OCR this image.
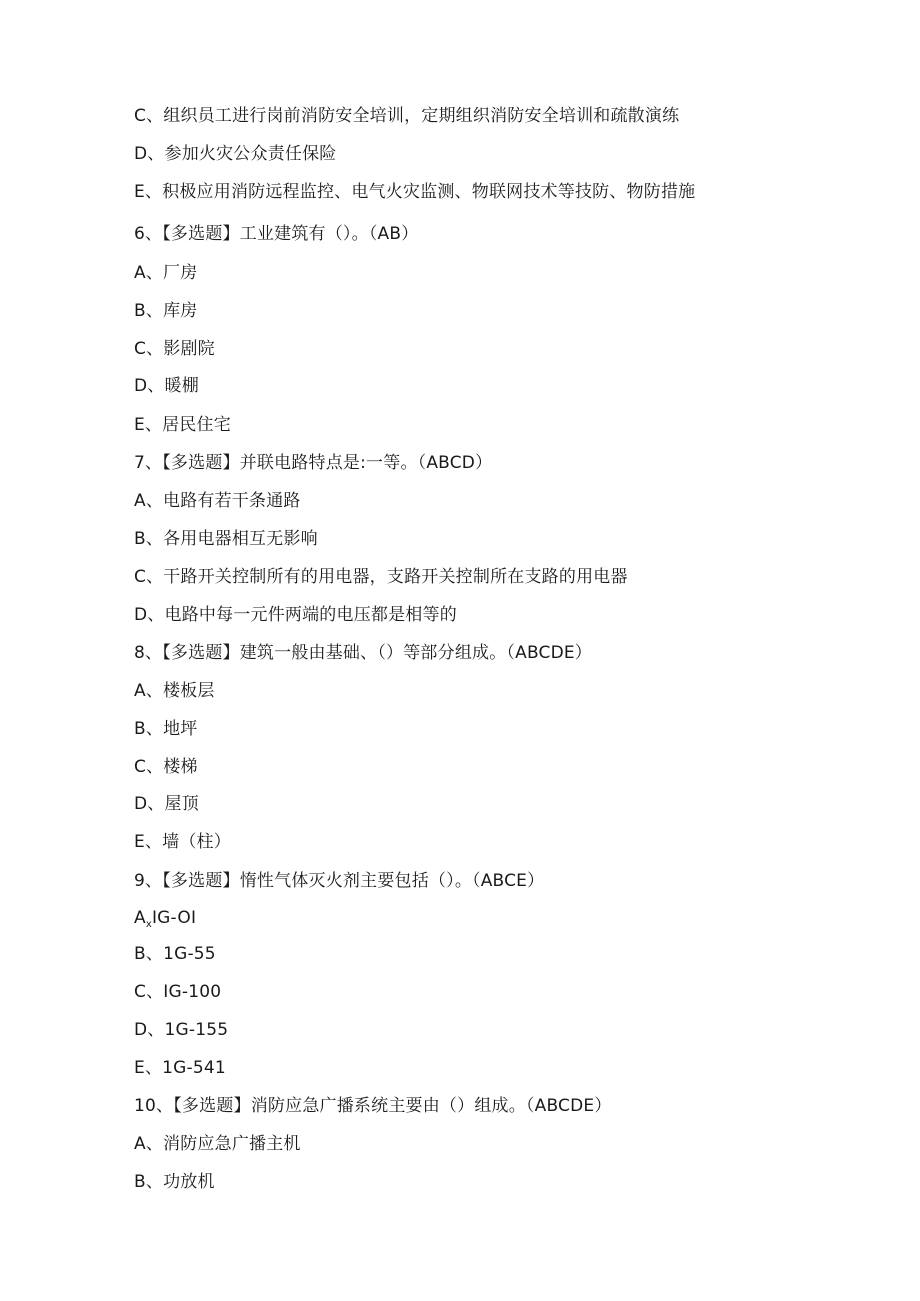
C、组织员工进行岗前消防安全培训，定期组织消防安全培训和疏散演练
D、参加火灾公众责任保险
E、积极应用消防远程监控、电气火灾监测、物联网技术等技防、物防措施
6、【多选题】工业建筑有（）。（AB）
A、厂房
B、库房
C、影剧院
D、暖棚
E、居民住宅
7、【多选题】并联电路特点是:一等。（ABCD）
A、电路有若干条通路
B、各用电器相互无影响
C、干路开关控制所有的用电器，支路开关控制所在支路的用电器
D、电路中每一元件两端的电压都是相等的
8、【多选题】建筑一般由基础、（）等部分组成。（ABCDE）
A、楼板层
B、地坪
C、楼梯
D、屋顶
E、墙（柱）
9、【多选题】惰性气体灭火剂主要包括（）。（ABCE）
$A_xIG-OI$
B、1G-55
C、IG-100
D、1G-155
E、1G-541
10、【多选题】消防应急广播系统主要由（）组成。（ABCDE）
A、消防应急广播主机
B、功放机
